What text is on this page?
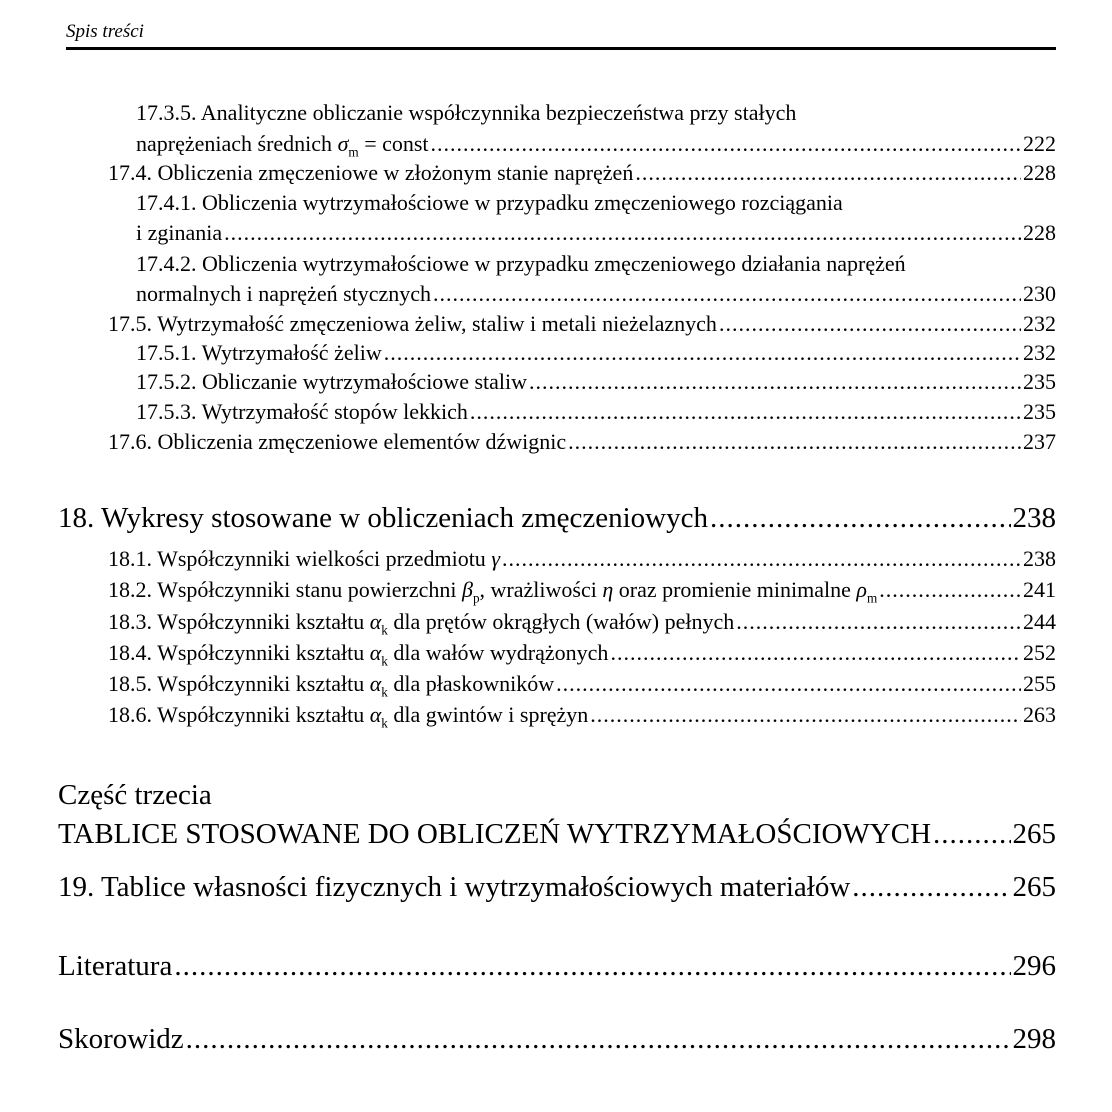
Spis treści
17.3.5. Analityczne obliczanie współczynnika bezpieczeństwa przy stałych
naprężeniach średnich $\sigma_m$ = const .....	222
17.4. Obliczenia zmęczeniowe w złożonym stanie naprężeń .....	228
17.4.1. Obliczenia wytrzymałościowe w przypadku zmęczeniowego rozciągania
i zginania .....	228
17.4.2. Obliczenia wytrzymałościowe w przypadku zmęczeniowego działania naprężeń
normalnych i naprężeń stycznych .....	230
17.5. Wytrzymałość zmęczeniowa żeliw, staliw i metali nieżelaznych .....	232
17.5.1. Wytrzymałość żeliw .....	232
17.5.2. Obliczanie wytrzymałościowe staliw .....	235
17.5.3. Wytrzymałość stopów lekkich .....	235
17.6. Obliczenia zmęczeniowe elementów dźwignic .....	237
18. Wykresy stosowane w obliczeniach zmęczeniowych .....	238
18.1. Współczynniki wielkości przedmiotu γ .....	238
18.2. Współczynniki stanu powierzchni $\beta_p$, wrażliwości η oraz promienie minimalne $\rho_m$ .....	241
18.3. Współczynniki kształtu $\alpha_k$ dla prętów okrągłych (wałów) pełnych .....	244
18.4. Współczynniki kształtu $\alpha_k$ dla wałów wydrążonych .....	252
18.5. Współczynniki kształtu $\alpha_k$ dla płaskowników .....	255
18.6. Współczynniki kształtu $\alpha_k$ dla gwintów i sprężyn .....	263
Część trzecia
TABLICE STOSOWANE DO OBLICZEŃ WYTRZYMAŁOŚCIOWYCH .....	265
19. Tablice własności fizycznych i wytrzymałościowych materiałów .....	265
Literatura .....	296
Skorowidz .....	298
